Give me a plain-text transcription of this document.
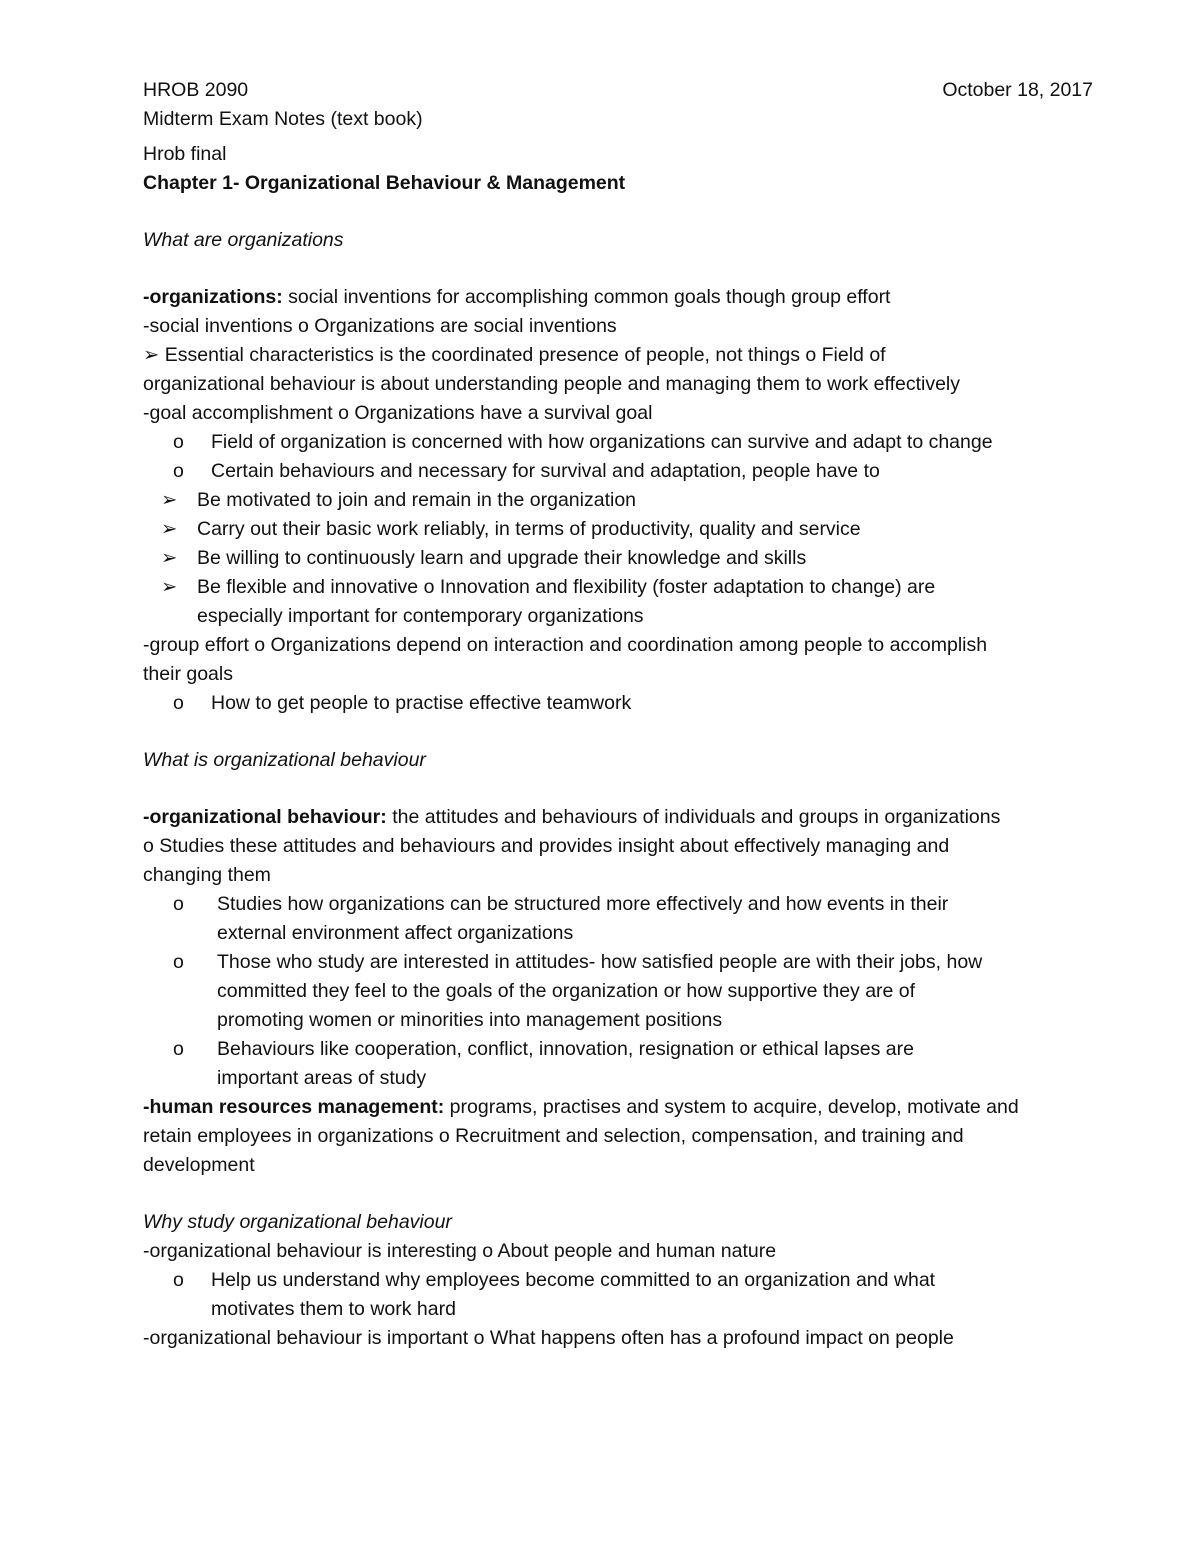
HROB 2090	October 18, 2017
Midterm Exam Notes (text book)
Hrob final
Chapter 1- Organizational Behaviour & Management
What are organizations
-organizations: social inventions for accomplishing common goals though group effort
-social inventions o Organizations are social inventions
➢ Essential characteristics is the coordinated presence of people, not things o Field of
organizational behaviour is about understanding people and managing them to work effectively
-goal accomplishment o Organizations have a survival goal
o	Field of organization is concerned with how organizations can survive and adapt to change
o	Certain behaviours and necessary for survival and adaptation, people have to
➢	Be motivated to join and remain in the organization
➢	Carry out their basic work reliably, in terms of productivity, quality and service
➢	Be willing to continuously learn and upgrade their knowledge and skills
➢	Be flexible and innovative o Innovation and flexibility (foster adaptation to change) are
especially important for contemporary organizations
-group effort o Organizations depend on interaction and coordination among people to accomplish
their goals
o	How to get people to practise effective teamwork
What is organizational behaviour
-organizational behaviour: the attitudes and behaviours of individuals and groups in organizations
o Studies these attitudes and behaviours and provides insight about effectively managing and
changing them
o	Studies how organizations can be structured more effectively and how events in their
external environment affect organizations
o	Those who study are interested in attitudes- how satisfied people are with their jobs, how
committed they feel to the goals of the organization or how supportive they are of
promoting women or minorities into management positions
o	Behaviours like cooperation, conflict, innovation, resignation or ethical lapses are
important areas of study
-human resources management: programs, practises and system to acquire, develop, motivate and
retain employees in organizations o Recruitment and selection, compensation, and training and
development
Why study organizational behaviour
-organizational behaviour is interesting o About people and human nature
o	Help us understand why employees become committed to an organization and what
motivates them to work hard
-organizational behaviour is important o What happens often has a profound impact on people
